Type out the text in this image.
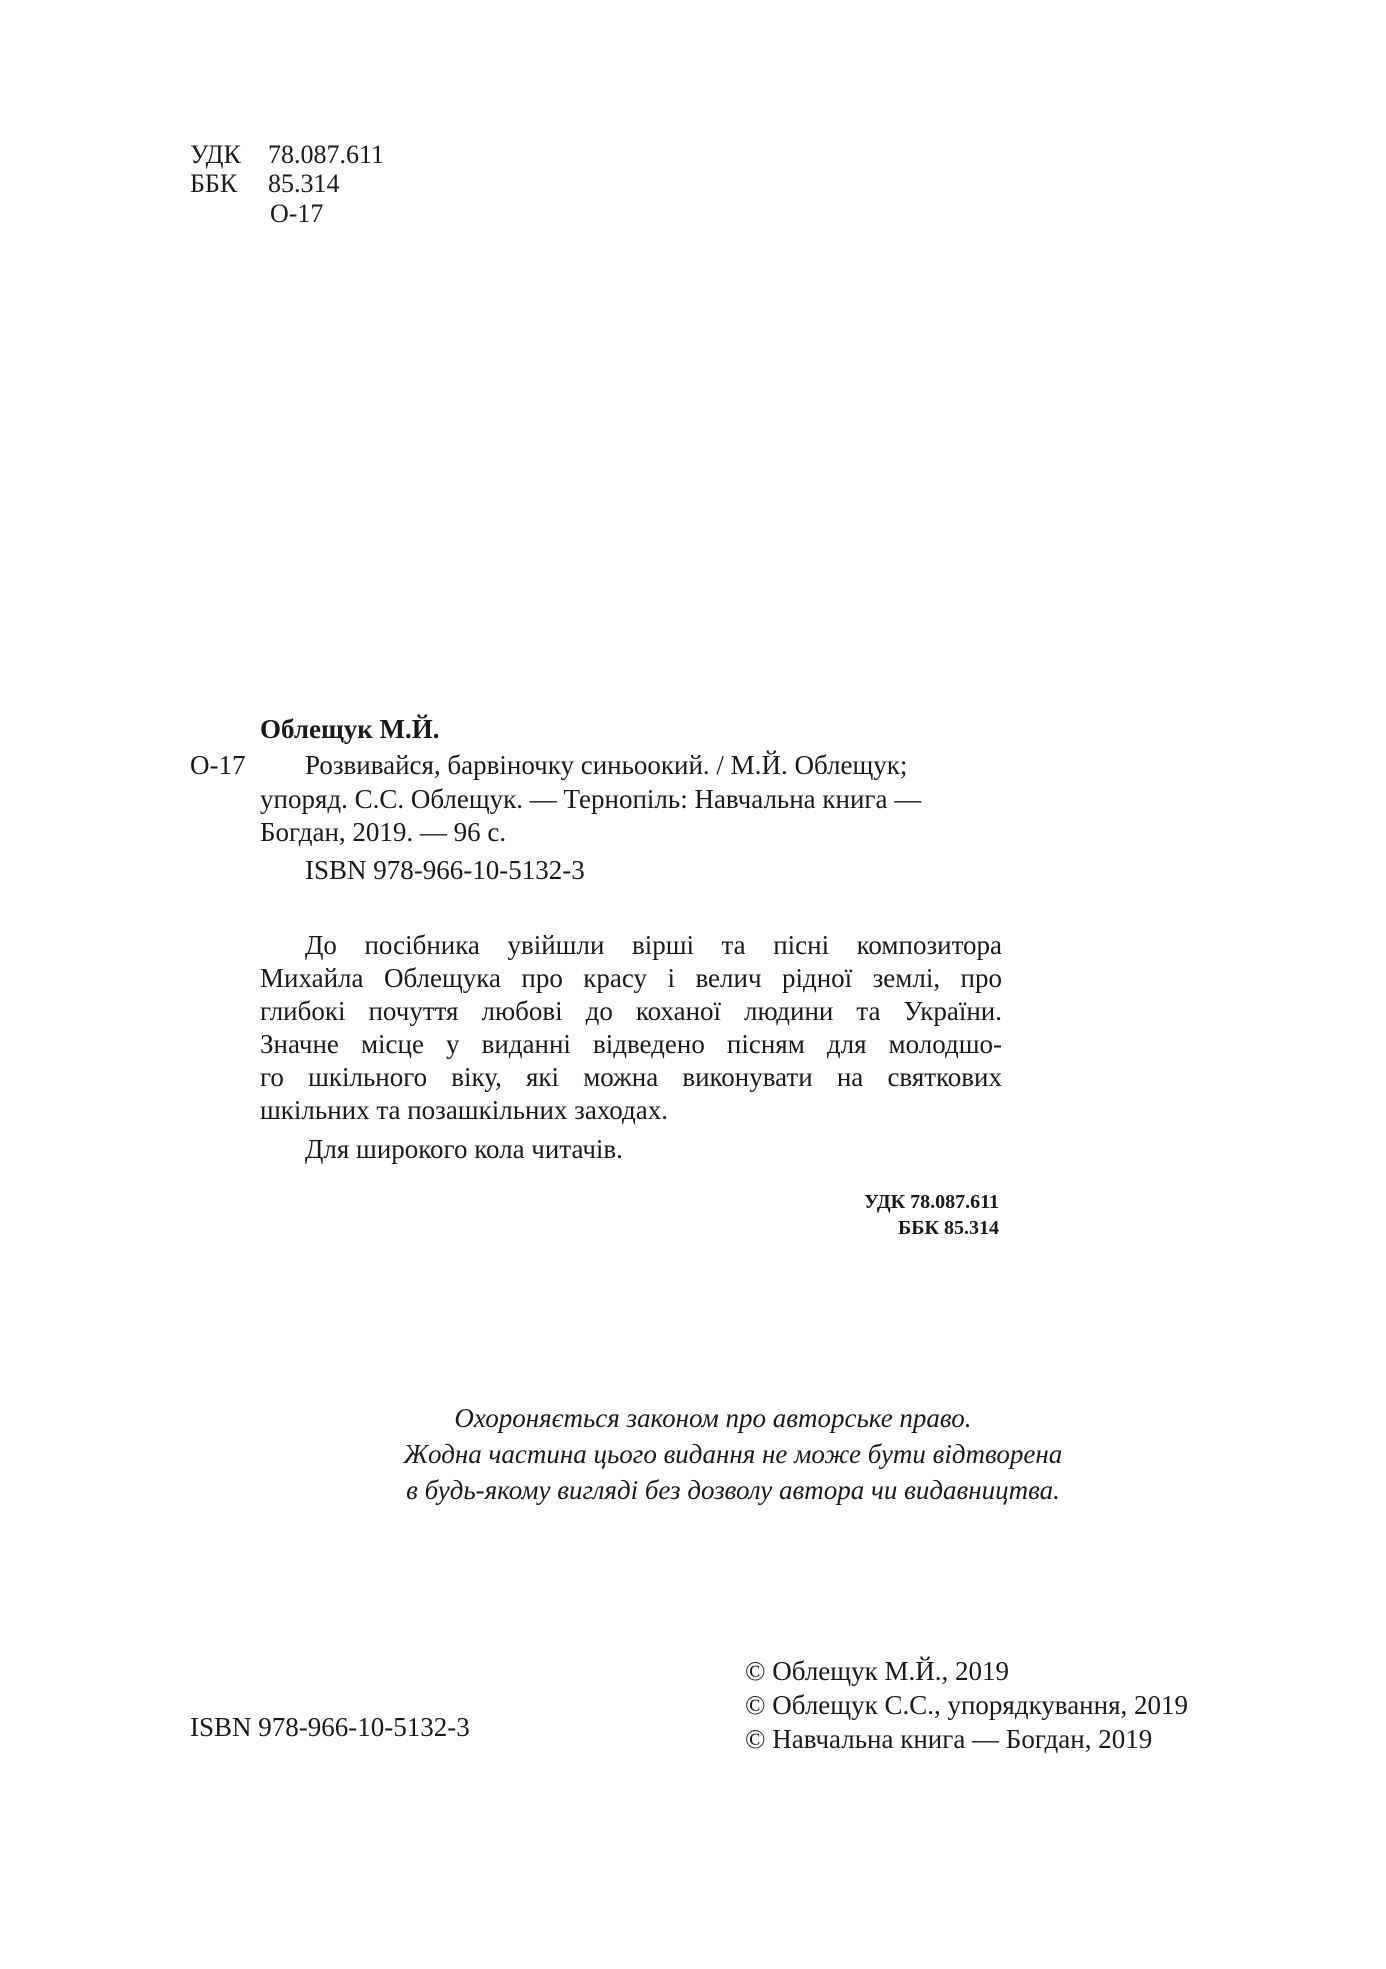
УДК 78.087.611
ББК 85.314
О-17
Облещук М.Й.
О-17 Розвивайся, барвіночку синьоокий. / М.Й. Облещук;
упоряд. С.С. Облещук. — Тернопіль: Навчальна книга —
Богдан, 2019. — 96 с.
ISBN 978-966-10-5132-3
До посібника увійшли вірші та пісні композитора
Михайла Облещука про красу і велич рідної землі, про
глибокі почуття любові до коханої людини та України.
Значне місце у виданні відведено пісням для молодшо-
го шкільного віку, які можна виконувати на святкових
шкільних та позашкільних заходах.
Для широкого кола читачів.
УДК 78.087.611
ББК 85.314
Охороняється законом про авторське право.
Жодна частина цього видання не може бути відтворена
в будь-якому вигляді без дозволу автора чи видавництва.
ISBN 978-966-10-5132-3
© Облещук М.Й., 2019
© Облещук С.С., упорядкування, 2019
© Навчальна книга — Богдан, 2019
